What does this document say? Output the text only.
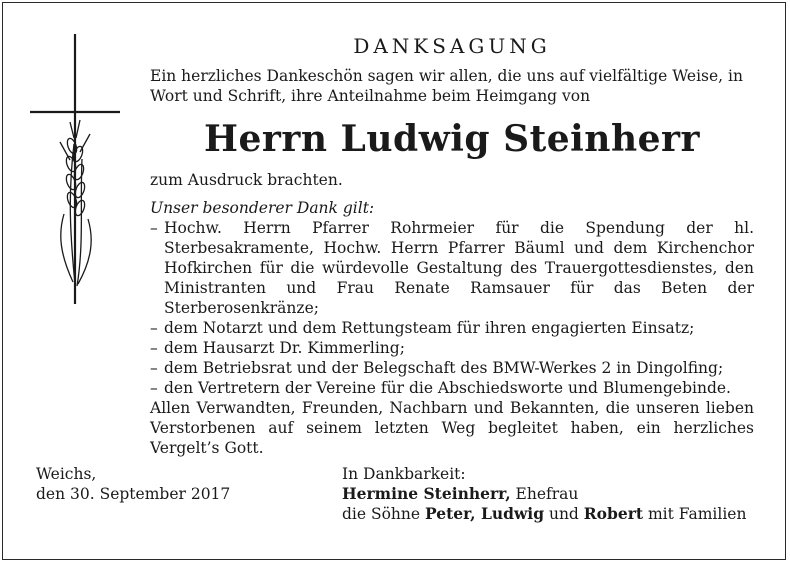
DANKSAGUNG

Ein herzliches Dankeschön sagen wir allen, die uns auf vielfältige Weise, in Wort und Schrift, ihre Anteilnahme beim Heimgang von

Herrn Ludwig Steinherr

zum Ausdruck brachten.

Unser besonderer Dank gilt:

– Hochw. Herrn Pfarrer Rohrmeier für die Spendung der hl. Sterbesakramente, Hochw. Herrn Pfarrer Bäuml und dem Kirchenchor Hofkirchen für die würdevolle Gestaltung des Trauergottesdienstes, den Ministranten und Frau Renate Ramsauer für das Beten der Sterberosenkränze;
– dem Notarzt und dem Rettungsteam für ihren engagierten Einsatz;
– dem Hausarzt Dr. Kimmerling;
– dem Betriebsrat und der Belegschaft des BMW-Werkes 2 in Dingolfing;
– den Vertretern der Vereine für die Abschiedsworte und Blumengebinde.

Allen Verwandten, Freunden, Nachbarn und Bekannten, die unseren lieben Verstorbenen auf seinem letzten Weg begleitet haben, ein herzliches Vergelt’s Gott.

Weichs,
den 30. September 2017
In Dankbarkeit:
Hermine Steinherr, Ehefrau
die Söhne Peter, Ludwig und Robert mit Familien
